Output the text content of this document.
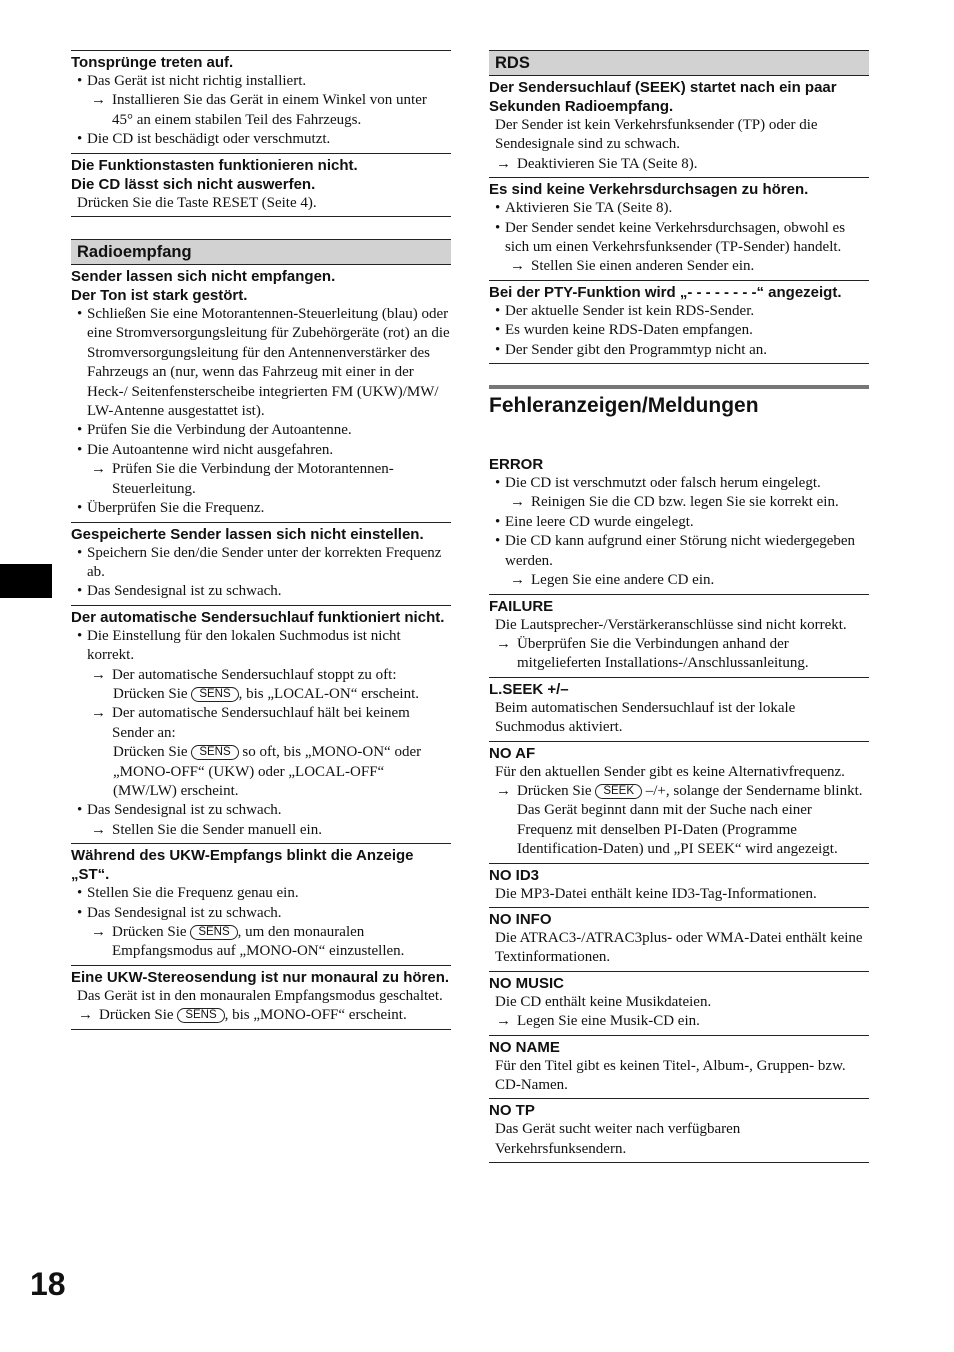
Tonsprünge treten auf.
• Das Gerät ist nicht richtig installiert.
→ Installieren Sie das Gerät in einem Winkel von unter 45° an einem stabilen Teil des Fahrzeugs.
• Die CD ist beschädigt oder verschmutzt.
Die Funktionstasten funktionieren nicht.
Die CD lässt sich nicht auswerfen.
Drücken Sie die Taste RESET (Seite 4).
Radioempfang
Sender lassen sich nicht empfangen.
Der Ton ist stark gestört.
• Schließen Sie eine Motorantennen-Steuerleitung (blau) oder eine Stromversorgungsleitung für Zubehörgeräte (rot) an die Stromversorgungsleitung für den Antennenverstärker des Fahrzeugs an (nur, wenn das Fahrzeug mit einer in der Heck-/ Seitenfensterscheibe integrierten FM (UKW)/MW/ LW-Antenne ausgestattet ist).
• Prüfen Sie die Verbindung der Autoantenne.
• Die Autoantenne wird nicht ausgefahren.
→ Prüfen Sie die Verbindung der Motorantennen-Steuerleitung.
• Überprüfen Sie die Frequenz.
Gespeicherte Sender lassen sich nicht einstellen.
• Speichern Sie den/die Sender unter der korrekten Frequenz ab.
• Das Sendesignal ist zu schwach.
Der automatische Sendersuchlauf funktioniert nicht.
• Die Einstellung für den lokalen Suchmodus ist nicht korrekt.
→ Der automatische Sendersuchlauf stoppt zu oft:
Drücken Sie SENS , bis „LOCAL-ON“ erscheint.
→ Der automatische Sendersuchlauf hält bei keinem Sender an:
Drücken Sie SENS so oft, bis „MONO-ON“ oder „MONO-OFF“ (UKW) oder „LOCAL-OFF“ (MW/LW) erscheint.
• Das Sendesignal ist zu schwach.
→ Stellen Sie die Sender manuell ein.
Während des UKW-Empfangs blinkt die Anzeige „ST“.
• Stellen Sie die Frequenz genau ein.
• Das Sendesignal ist zu schwach.
→ Drücken Sie SENS , um den monauralen Empfangsmodus auf „MONO-ON“ einzustellen.
Eine UKW-Stereosendung ist nur monaural zu hören.
Das Gerät ist in den monauralen Empfangsmodus geschaltet.
→ Drücken Sie SENS , bis „MONO-OFF“ erscheint.
RDS
Der Sendersuchlauf (SEEK) startet nach ein paar Sekunden Radioempfang.
Der Sender ist kein Verkehrsfunksender (TP) oder die Sendesignale sind zu schwach.
→ Deaktivieren Sie TA (Seite 8).
Es sind keine Verkehrsdurchsagen zu hören.
• Aktivieren Sie TA (Seite 8).
• Der Sender sendet keine Verkehrsdurchsagen, obwohl es sich um einen Verkehrsfunksender (TP-Sender) handelt.
→ Stellen Sie einen anderen Sender ein.
Bei der PTY-Funktion wird „- - - - - - - -“ angezeigt.
• Der aktuelle Sender ist kein RDS-Sender.
• Es wurden keine RDS-Daten empfangen.
• Der Sender gibt den Programmtyp nicht an.
Fehleranzeigen/Meldungen
ERROR
• Die CD ist verschmutzt oder falsch herum eingelegt.
→ Reinigen Sie die CD bzw. legen Sie sie korrekt ein.
• Eine leere CD wurde eingelegt.
• Die CD kann aufgrund einer Störung nicht wiedergegeben werden.
→ Legen Sie eine andere CD ein.
FAILURE
Die Lautsprecher-/Verstärkeranschlüsse sind nicht korrekt.
→ Überprüfen Sie die Verbindungen anhand der mitgelieferten Installations-/Anschlussanleitung.
L.SEEK +/–
Beim automatischen Sendersuchlauf ist der lokale Suchmodus aktiviert.
NO AF
Für den aktuellen Sender gibt es keine Alternativfrequenz.
→ Drücken Sie SEEK –/+, solange der Sendername blinkt. Das Gerät beginnt dann mit der Suche nach einer Frequenz mit denselben PI-Daten (Programme Identification-Daten) und „PI SEEK“ wird angezeigt.
NO ID3
Die MP3-Datei enthält keine ID3-Tag-Informationen.
NO INFO
Die ATRAC3-/ATRAC3plus- oder WMA-Datei enthält keine Textinformationen.
NO MUSIC
Die CD enthält keine Musikdateien.
→ Legen Sie eine Musik-CD ein.
NO NAME
Für den Titel gibt es keinen Titel-, Album-, Gruppen- bzw. CD-Namen.
NO TP
Das Gerät sucht weiter nach verfügbaren Verkehrsfunksendern.
18
